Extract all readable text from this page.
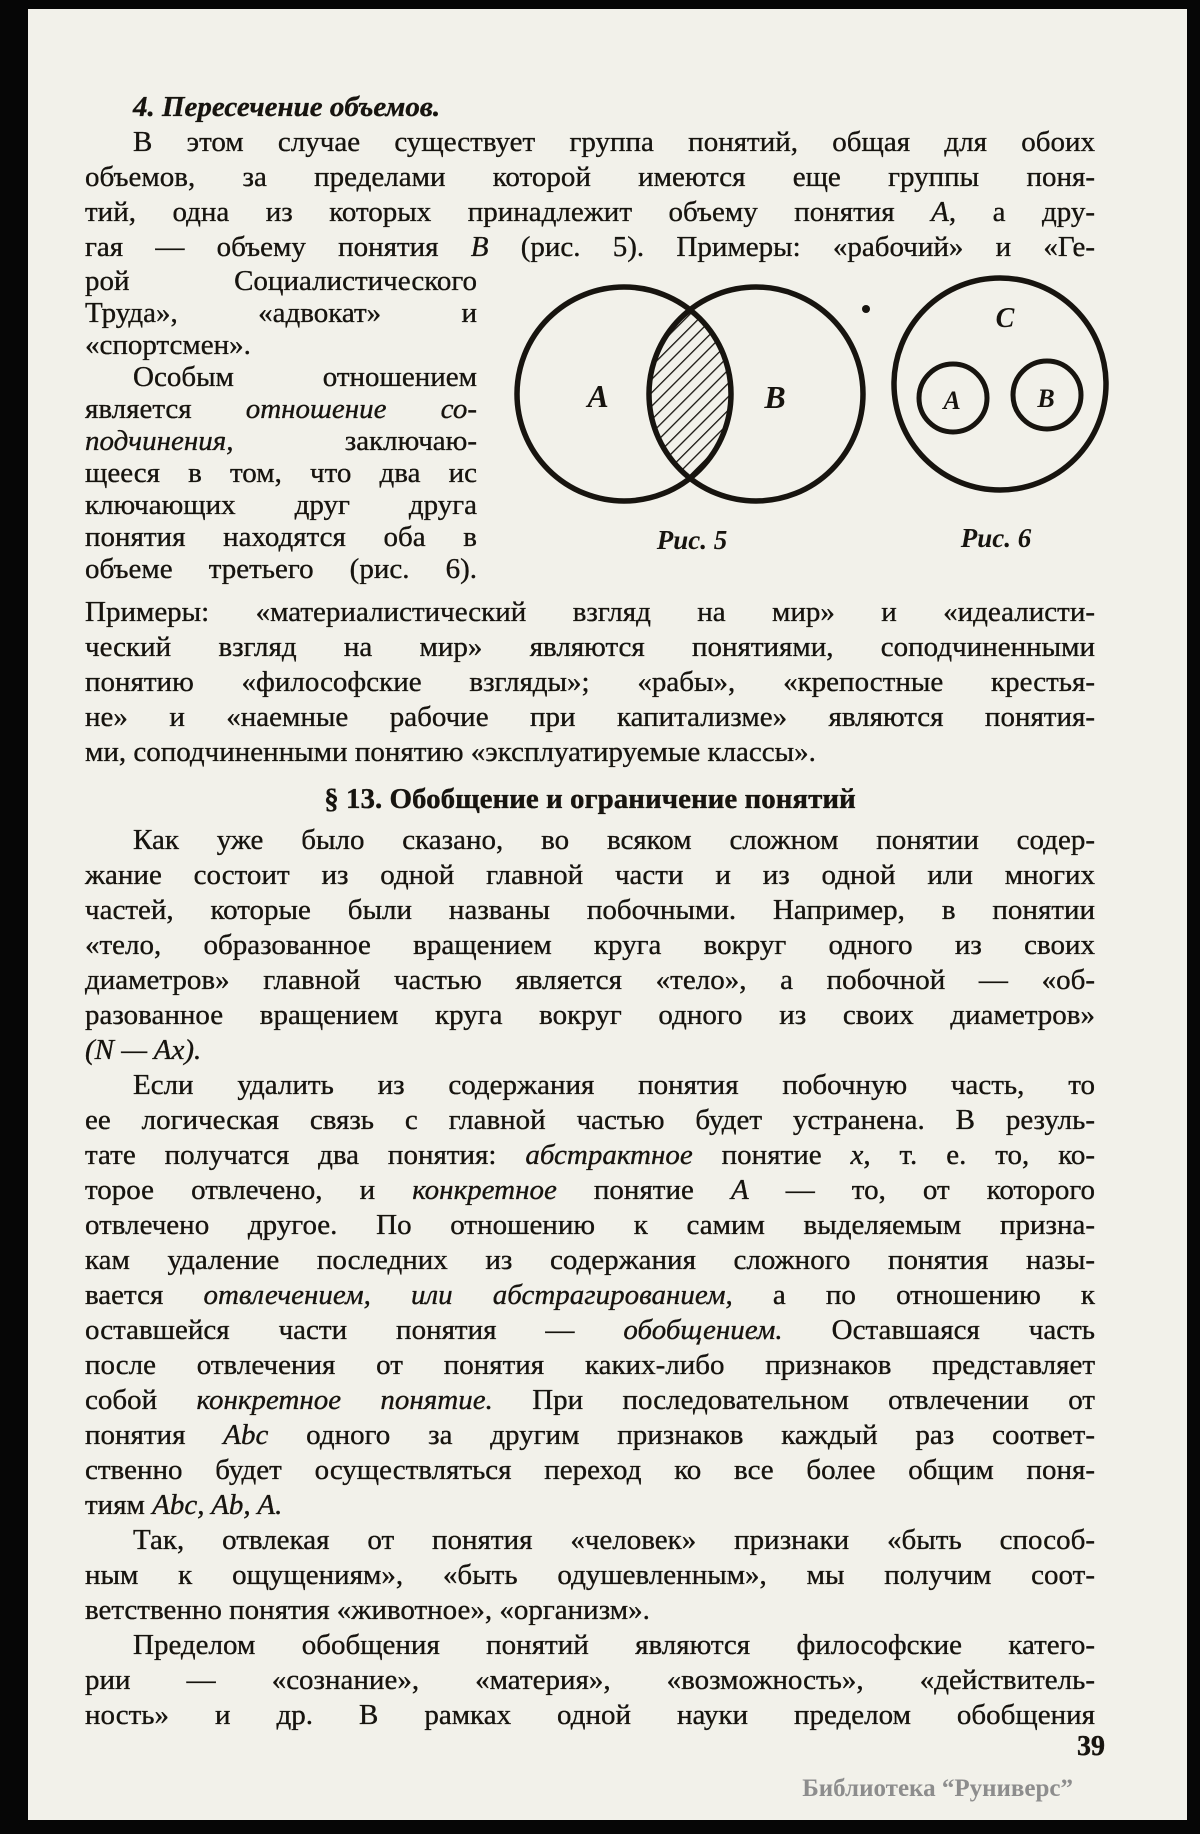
4. Пересечение объемов.
В этом случае существует группа понятий, общая для обоих
объемов, за пределами которой имеются еще группы поня-
тий, одна из которых принадлежит объему понятия А, а дру-
гая — объему понятия В (рис. 5). Примеры: «рабочий» и «Ге-
рой Социалистического
Труда», «адвокат» и
«спортсмен».
Особым отношением
является отношение со-
подчинения, заключаю-
щееся в том, что два ис
ключающих друг друга
понятия находятся оба в
объеме третьего (рис. 6).
A	B
Рис. 5
C
A	B
Рис. 6
Примеры: «материалистический взгляд на мир» и «идеалисти-
ческий взгляд на мир» являются понятиями, соподчиненными
понятию «философские взгляды»; «рабы», «крепостные крестья-
не» и «наемные рабочие при капитализме» являются понятия-
ми, соподчиненными понятию «эксплуатируемые классы».
§ 13. Обобщение и ограничение понятий
Как уже было сказано, во всяком сложном понятии содер-
жание состоит из одной главной части и из одной или многих
частей, которые были названы побочными. Например, в понятии
«тело, образованное вращением круга вокруг одного из своих
диаметров» главной частью является «тело», а побочной — «об-
разованное вращением круга вокруг одного из своих диаметров»
(N — Ax).
Если удалить из содержания понятия побочную часть, то
ее логическая связь с главной частью будет устранена. В резуль-
тате получатся два понятия: абстрактное понятие x, т. е. то, ко-
торое отвлечено, и конкретное понятие A — то, от которого
отвлечено другое. По отношению к самим выделяемым призна-
кам удаление последних из содержания сложного понятия назы-
вается отвлечением, или абстрагированием, а по отношению к
оставшейся части понятия — обобщением. Оставшаяся часть
после отвлечения от понятия каких-либо признаков представляет
собой конкретное понятие. При последовательном отвлечении от
понятия Abc одного за другим признаков каждый раз соответ-
ственно будет осуществляться переход ко все более общим поня-
тиям Abc, Ab, A.
Так, отвлекая от понятия «человек» признаки «быть способ-
ным к ощущениям», «быть одушевленным», мы получим соот-
ветственно понятия «животное», «организм».
Пределом обобщения понятий являются философские катего-
рии — «сознание», «материя», «возможность», «действитель-
ность» и др. В рамках одной науки пределом обобщения
39
Библиотека “Руниверс”
